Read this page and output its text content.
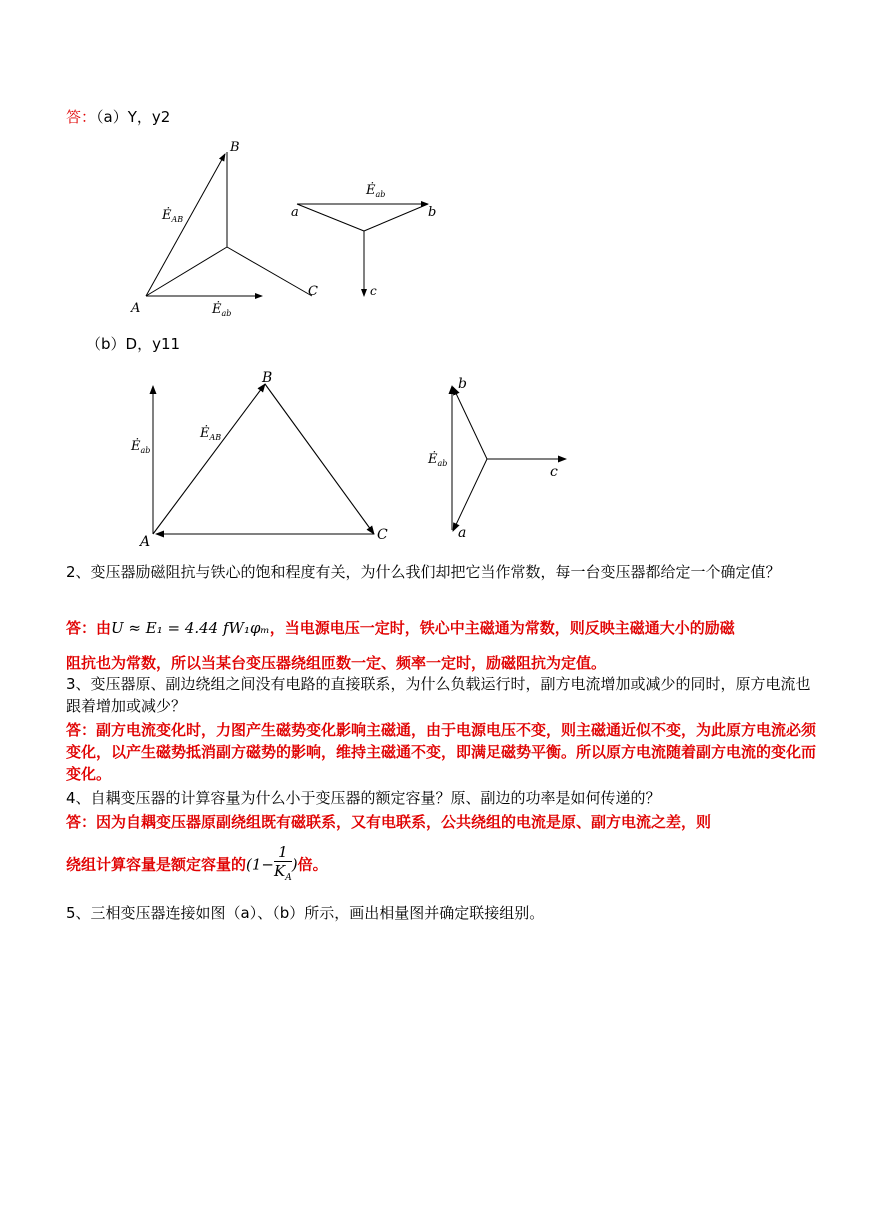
答：（a）Y，y2
B
A
C
$Ė_{AB}$
$Ė_{ab}$
a	b
c
$Ė_{ab}$
（b）D，y11
B
A	C
$Ė_{AB}$
$Ė_{ab}$
b
a
c
$Ė_{ab}$
2、变压器励磁阻抗与铁心的饱和程度有关，为什么我们却把它当作常数，每一台变压器都给定一个确定值？
答：由U ≈ E₁ = 4.44 fW₁φₘ，当电源电压一定时，铁心中主磁通为常数，则反映主磁通大小的励磁
阻抗也为常数，所以当某台变压器绕组匝数一定、频率一定时，励磁阻抗为定值。
3、变压器原、副边绕组之间没有电路的直接联系，为什么负载运行时，副方电流增加或减少的同时，原方电流也跟着增加或减少？
答：副方电流变化时，力图产生磁势变化影响主磁通，由于电源电压不变，则主磁通近似不变，为此原方电流必须变化，以产生磁势抵消副方磁势的影响，维持主磁通不变，即满足磁势平衡。所以原方电流随着副方电流的变化而变化。
4、自耦变压器的计算容量为什么小于变压器的额定容量？原、副边的功率是如何传递的？
答：因为自耦变压器原副绕组既有磁联系，又有电联系，公共绕组的电流是原、副方电流之差，则
绕组计算容量是额定容量的($1- \frac{1}{K_A}$ )倍。
5、三相变压器连接如图（a）、（b）所示，画出相量图并确定联接组别。
